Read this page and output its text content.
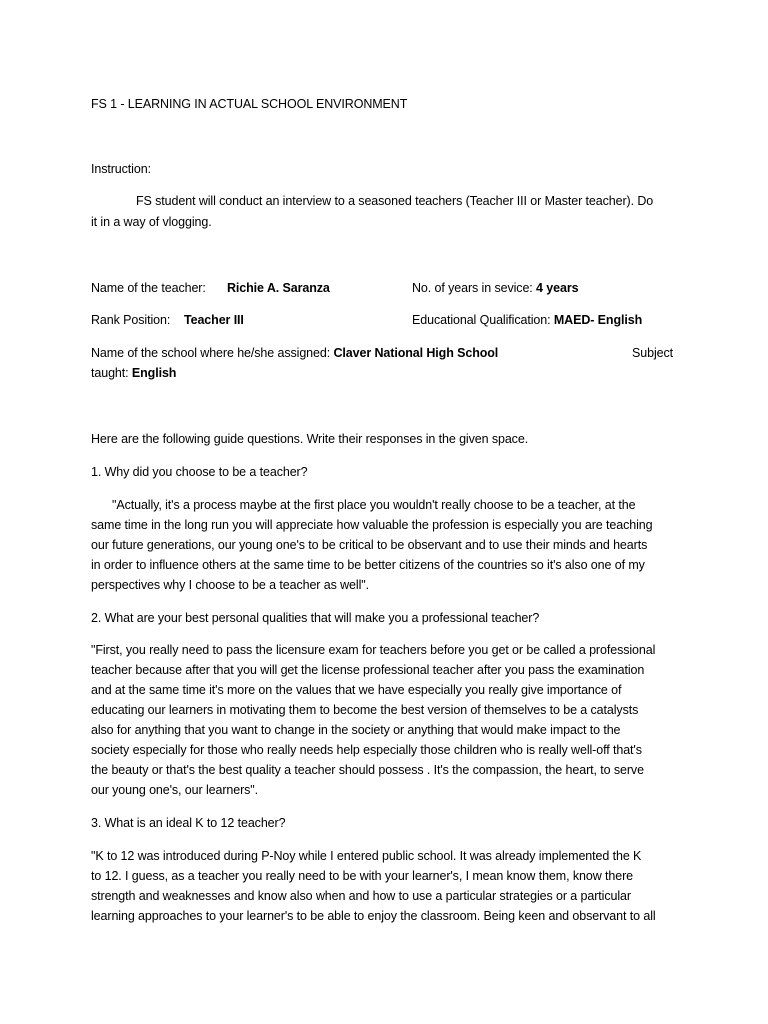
FS 1 - LEARNING IN ACTUAL SCHOOL ENVIRONMENT
Instruction:
FS student will conduct an interview to a seasoned teachers (Teacher III or Master teacher). Do
it in a way of vlogging.
Name of the teacher: Richie A. Saranza	No. of years in sevice: 4 years
Rank Position: Teacher III	Educational Qualification: MAED- English
Name of the school where he/she assigned: Claver National High School	Subject
taught: English
Here are the following guide questions. Write their responses in the given space.
1. Why did you choose to be a teacher?
"Actually, it's a process maybe at the first place you wouldn't really choose to be a teacher, at the
same time in the long run you will appreciate how valuable the profession is especially you are teaching
our future generations, our young one's to be critical to be observant and to use their minds and hearts
in order to influence others at the same time to be better citizens of the countries so it's also one of my
perspectives why I choose to be a teacher as well".
2. What are your best personal qualities that will make you a professional teacher?
"First, you really need to pass the licensure exam for teachers before you get or be called a professional
teacher because after that you will get the license professional teacher after you pass the examination
and at the same time it's more on the values that we have especially you really give importance of
educating our learners in motivating them to become the best version of themselves to be a catalysts
also for anything that you want to change in the society or anything that would make impact to the
society especially for those who really needs help especially those children who is really well-off that's
the beauty or that's the best quality a teacher should possess . It's the compassion, the heart, to serve
our young one's, our learners".
3. What is an ideal K to 12 teacher?
"K to 12 was introduced during P-Noy while I entered public school. It was already implemented the K
to 12. I guess, as a teacher you really need to be with your learner's, I mean know them, know there
strength and weaknesses and know also when and how to use a particular strategies or a particular
learning approaches to your learner's to be able to enjoy the classroom. Being keen and observant to all
